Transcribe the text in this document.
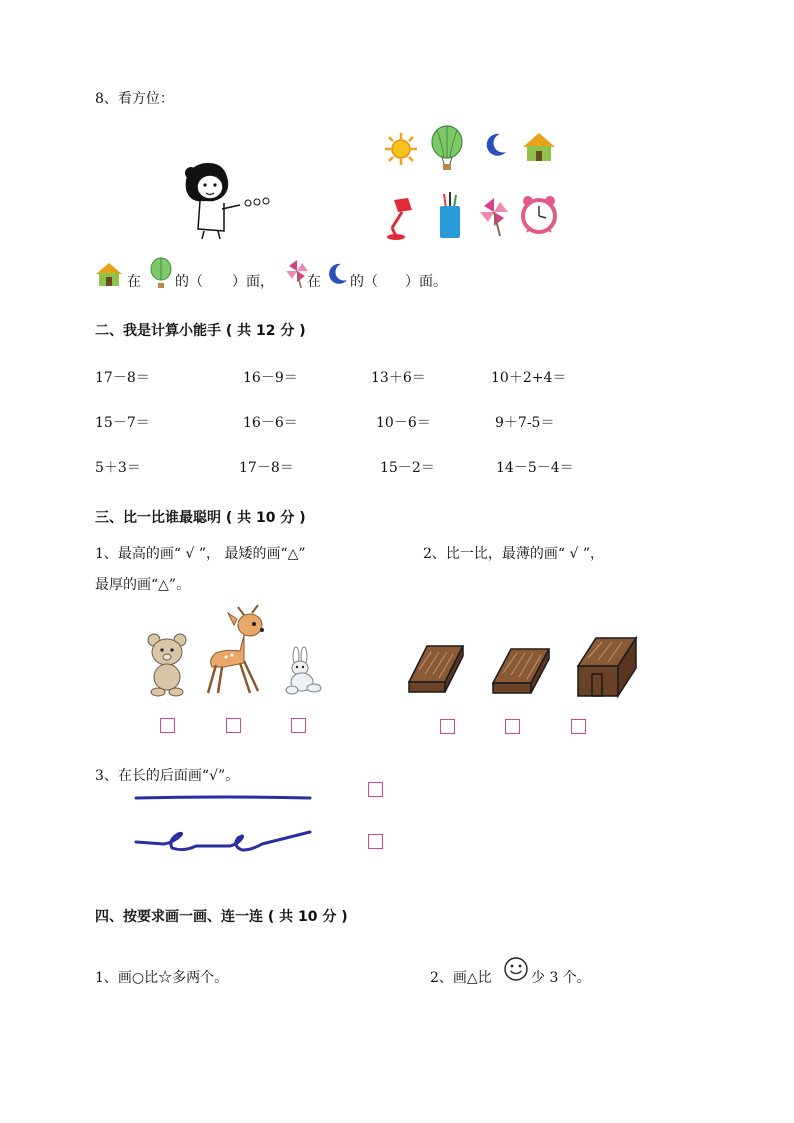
8、看方位：
在 的（ ）面， 在 的（ ）面。
二、我是计算小能手 ( 共 12 分 )
17－8＝	16－9＝	13＋6＝	10＋2+4＝
15－7＝	16－6＝	10－6＝	9＋7-5＝
5＋3＝	17－8＝	15－2＝	14－5－4＝
三、比一比谁最聪明 ( 共 10 分 )
1、最高的画“ √ ”， 最矮的画“△”	2、比一比，最薄的画“ √ ”，
最厚的画“△”。
3、在长的后面画“√”。
四、按要求画一画、连一连 ( 共 10 分 )
1、画○比☆多两个。	2、画△比	少 3 个。
